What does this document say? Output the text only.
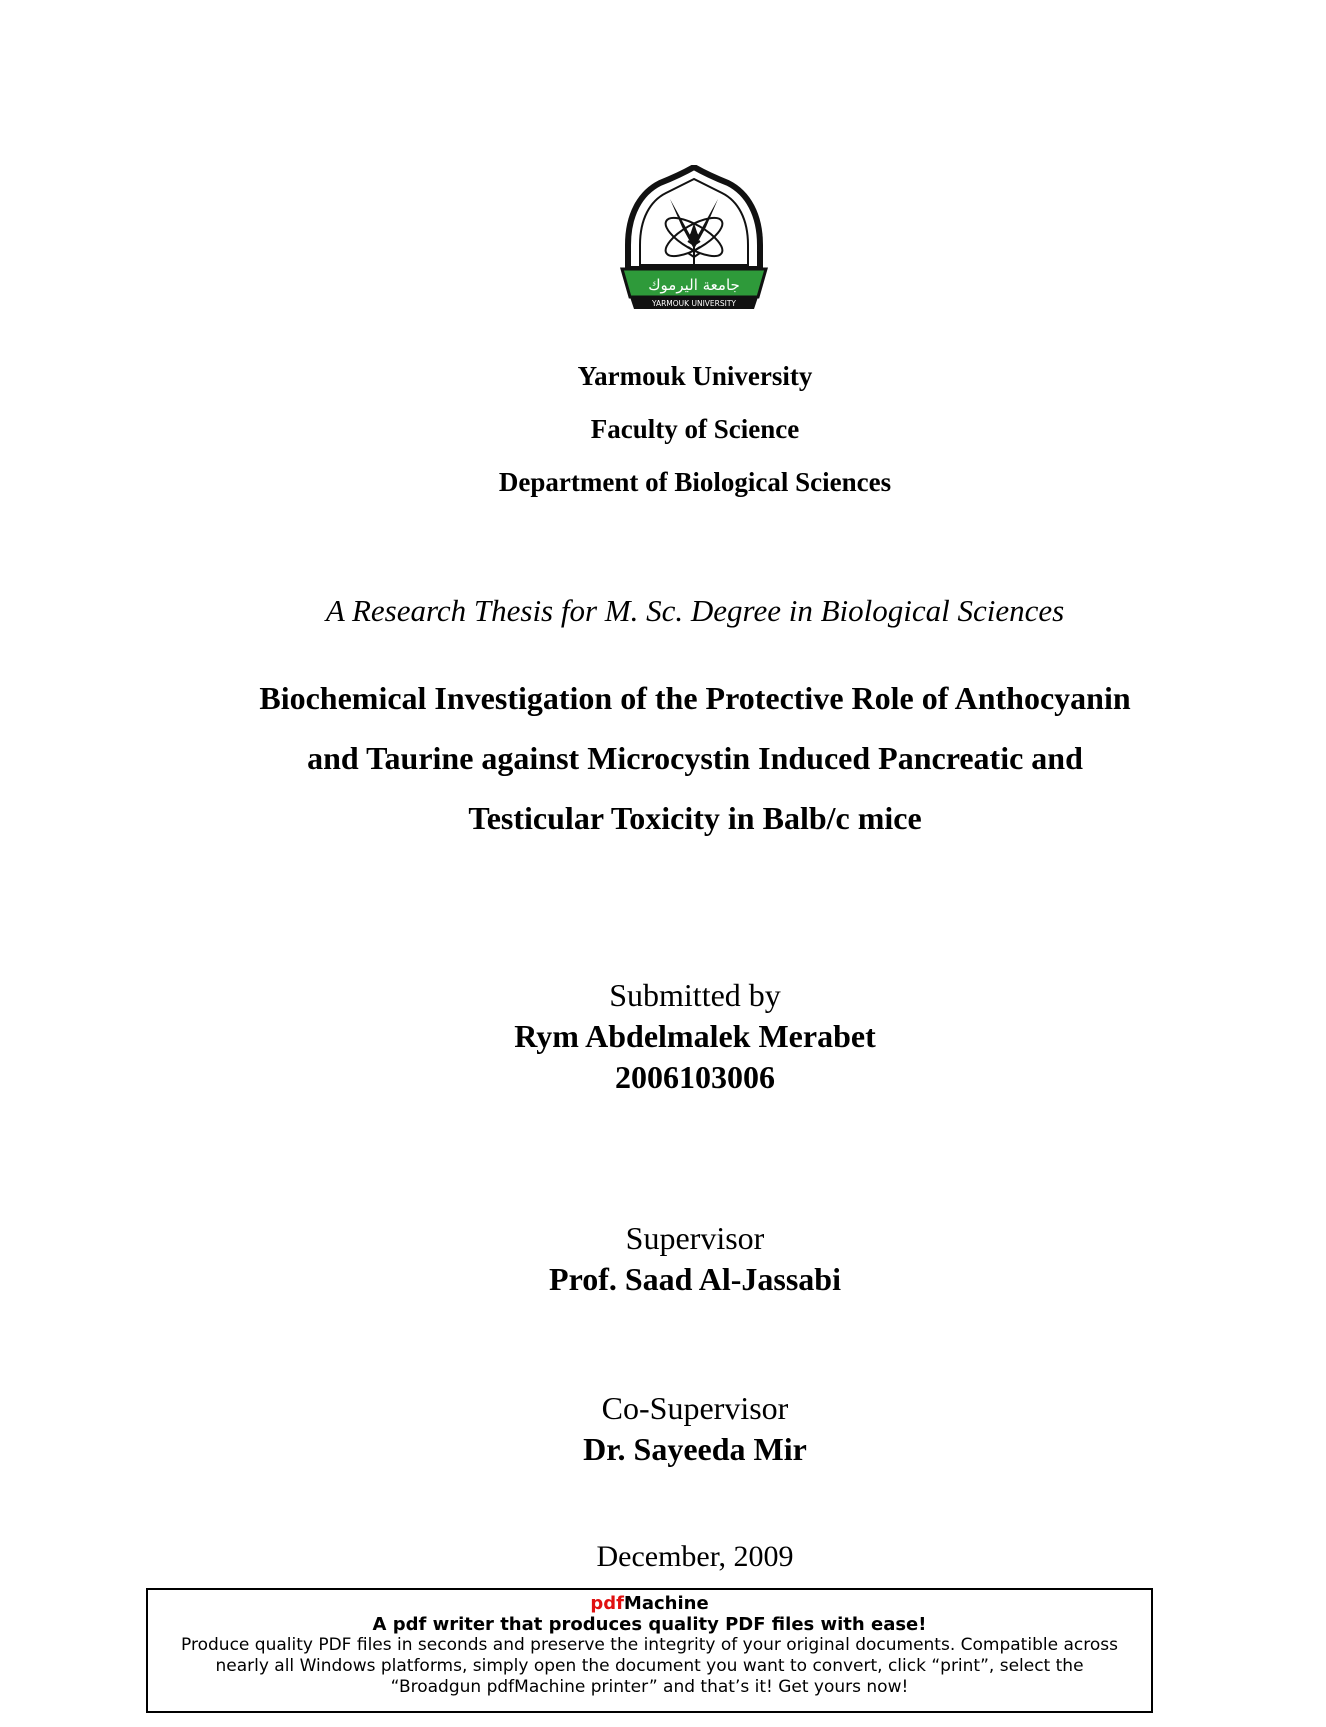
جامعة اليرموك
YARMOUK UNIVERSITY
Yarmouk University
Faculty of Science
Department of Biological Sciences
A Research Thesis for M. Sc. Degree in Biological Sciences
Biochemical Investigation of the Protective Role of Anthocyanin
and Taurine against Microcystin Induced Pancreatic and
Testicular Toxicity in Balb/c mice
Submitted by
Rym Abdelmalek Merabet
2006103006
Supervisor
Prof. Saad Al-Jassabi
Co-Supervisor
Dr. Sayeeda Mir
December, 2009
pdfMachine
A pdf writer that produces quality PDF files with ease!
Produce quality PDF files in seconds and preserve the integrity of your original documents. Compatible across
nearly all Windows platforms, simply open the document you want to convert, click “print”, select the
“Broadgun pdfMachine printer” and that’s it! Get yours now!
